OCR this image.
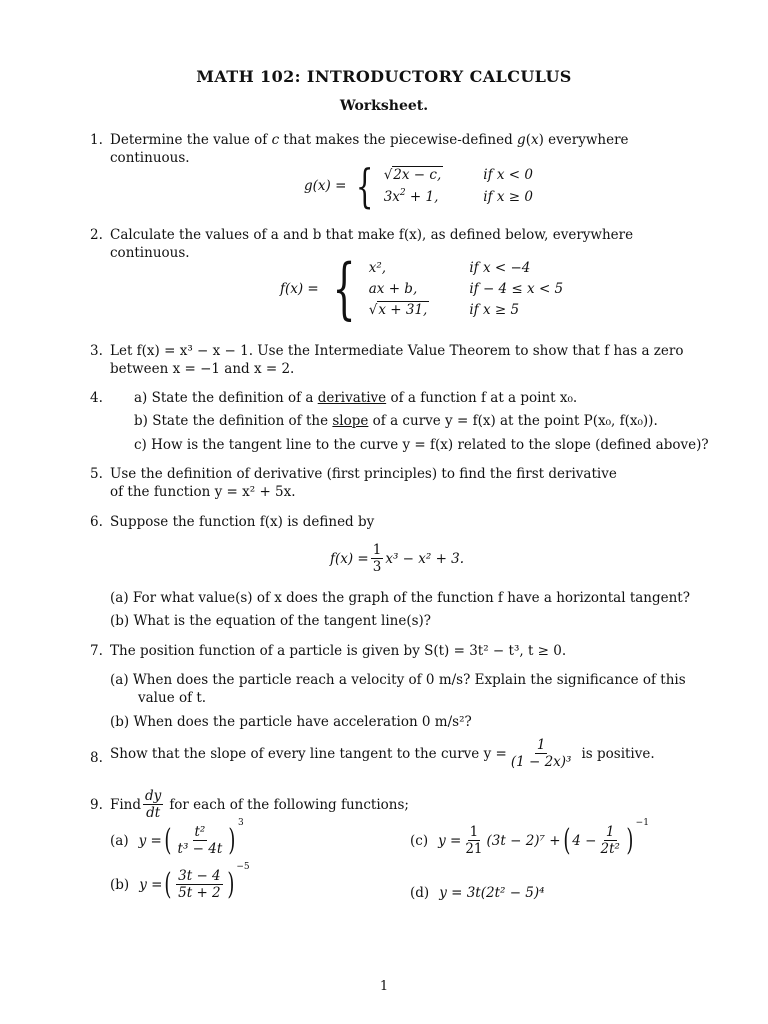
MATH 102: INTRODUCTORY CALCULUS
Worksheet.
1. Determine the value of c that makes the piecewise-defined g(x) everywhere continuous.

g(x) = { √2x − c,	if x < 0
$3x^2 + 1$,	if x ≥ 0
2. Calculate the values of a and b that make f(x), as defined below, everywhere continuous.

f(x) = { x²,	if x < −4
ax + b,	if − 4 ≤ x < 5
√x + 31,	if x ≥ 5
3. Let f(x) = x³ − x − 1. Use the Intermediate Value Theorem to show that f has a zero

between x = −1 and x = 2.

4.	a) State the definition of a derivative of a function f at a point x₀.
b) State the definition of the slope of a curve y = f(x) at the point P(x₀, f(x₀)).
c) How is the tangent line to the curve y = f(x) related to the slope (defined above)?
5. Use the definition of derivative (first principles) to find the first derivative

of the function y = x² + 5x.

6. Suppose the function f(x) is defined by

$f(x) = \frac{1}{3} x^3 - x^2 + 3$.
(a) For what value(s) of x does the graph of the function f have a horizontal tangent?
(b) What is the equation of the tangent line(s)?
7. The position function of a particle is given by S(t) = 3t² − t³, t ≥ 0.

(a) When does the particle reach a velocity of 0 m/s? Explain the significance of this
value of t.
(b) When does the particle have acceleration 0 m/s²?
8. Show that the slope of every line tangent to the curve $y = \frac{1}{\text{(1 − 2x)³}}$ is positive.
9. Find $\frac{dy}{dt}$ for each of the following functions;
(a) y = ( $\frac{\text{t²}}{\text{t³ − 4t}}$ ) $^3$
(b) y = ( $\frac{3t - 4}{5t + 2}$ ) $^{-5}$
(c) $y = \frac{1}{21} (3t - 2)^7$ + ( $4 - \frac{1}{\text{2t²}}$ ) $^{-1}$
(d) y = 3t(2t² − 5)⁴
1
